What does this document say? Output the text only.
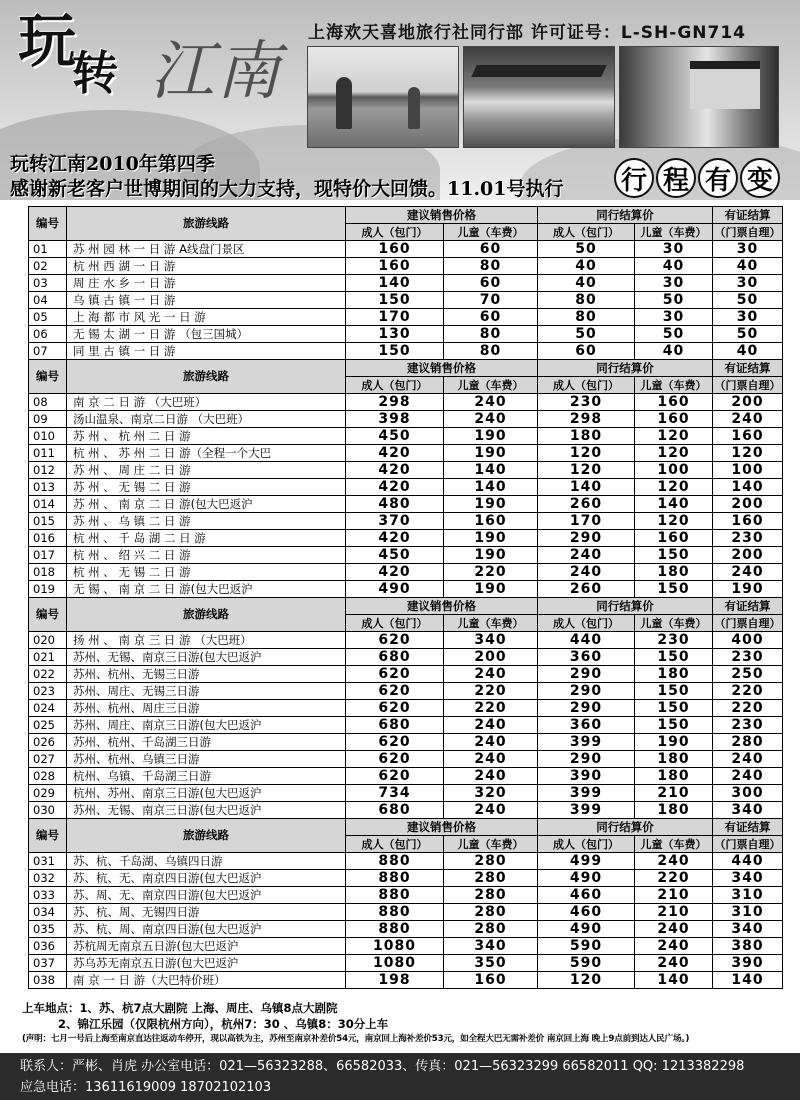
江南
玩转
上海欢天喜地旅行社同行部 许可证号：L-SH-GN714
玩转江南2010年第四季
感谢新老客户世博期间的大力支持，现特价大回馈。11.01号执行 行 程 有 变
编号	旅游线路	建议销售价格		同行结算价		有证结算
		成人（包门）	儿童（车费）	成人（包门）	儿童（车费）	（门票自理）
01	苏 州 园 林 一 日 游 A线盘门景区	160	60	50	30	30
02	杭 州 西 湖 一 日 游	160	80	40	40	40
03	周 庄 水 乡 一 日 游	140	60	40	30	30
04	乌 镇 古 镇 一 日 游	150	70	80	50	50
05	上 海 都 市 风 光 一 日 游	170	60	80	30	30
06	无 锡 太 湖 一 日 游 （包三国城）	130	80	50	50	50
07	同 里 古 镇 一 日 游	150	80	60	40	40
编号	旅游线路	建议销售价格		同行结算价		有证结算
		成人（包门）	儿童（车费）	成人（包门）	儿童（车费）	（门票自理）
08	南 京 二 日 游 （大巴班）	298	240	230	160	200
09	汤山温泉、南京二日游 （大巴班）	398	240	298	160	240
010	苏 州 、 杭 州 二 日 游	450	190	180	120	160
011	杭 州 、 苏 州 二 日 游（全程一个大巴	420	190	120	120	120
012	苏 州 、 周 庄 二 日 游	420	140	120	100	100
013	苏 州 、 无 锡 二 日 游	420	140	140	120	140
014	苏 州 、 南 京 二 日 游(包大巴返沪	480	190	260	140	200
015	苏 州 、 乌 镇 二 日 游	370	160	170	120	160
016	杭 州 、 千 岛 湖 二 日 游	420	190	290	160	230
017	杭 州 、 绍 兴 二 日 游	450	190	240	150	200
018	杭 州 、 无 锡 二 日 游	420	220	240	180	240
019	无 锡 、 南 京 二 日 游(包大巴返沪	490	190	260	150	190
编号	旅游线路	建议销售价格		同行结算价		有证结算
		成人（包门）	儿童（车费）	成人（包门）	儿童（车费）	（门票自理）
020	扬 州 、 南 京 三 日 游 （大巴班）	620	340	440	230	400
021	苏州、无锡、南京三日游(包大巴返沪	680	200	360	150	230
022	苏州、杭州、无锡三日游	620	240	290	180	250
023	苏州、周庄、无锡三日游	620	220	290	150	220
024	苏州、杭州、周庄三日游	620	220	290	150	220
025	苏州、周庄、南京三日游(包大巴返沪	680	240	360	150	230
026	苏州、杭州、千岛湖三日游	620	240	399	190	280
027	苏州、杭州、乌镇三日游	620	240	290	180	240
028	杭州、乌镇、千岛湖三日游	620	240	390	180	240
029	杭州、苏州、南京三日游(包大巴返沪	734	320	399	210	300
030	苏州、无锡、南京三日游(包大巴返沪	680	240	399	180	340
编号	旅游线路	建议销售价格		同行结算价		有证结算
		成人（包门）	儿童（车费）	成人（包门）	儿童（车费）	（门票自理）
031	苏、杭、千岛湖、乌镇四日游	880	280	499	240	440
032	苏、杭、无、南京四日游(包大巴返沪	880	280	490	220	340
033	苏、周、无、南京四日游(包大巴返沪	880	280	460	210	310
034	苏、杭、周、无锡四日游	880	280	460	210	310
035	苏、杭、周、南京四日游(包大巴返沪	880	280	490	240	340
036	苏杭周无南京五日游(包大巴返沪	1080	340	590	240	380
037	苏乌苏无南京五日游(包大巴返沪	1080	350	590	240	390
038	南 京 一 日 游（大巴特价班）	198	160	120	140	140
上车地点：1、苏、杭7点大剧院 上海、周庄、乌镇8点大剧院
2、锦江乐园（仅限杭州方向），杭州7：30 、乌镇8：30分上车
(声明：七月一号后上海至南京直达往返动车停开，现以高铁为主，苏州至南京补差价54元，南京回上海补差价53元，如全程大巴无需补差价 南京回上海 晚上9点前到达人民广场。)
联系人：严彬、肖虎 办公室电话：021—56323288、66582033、传真：021—56323299 66582011 QQ: 1213382298
应急电话：13611619009 18702102103
